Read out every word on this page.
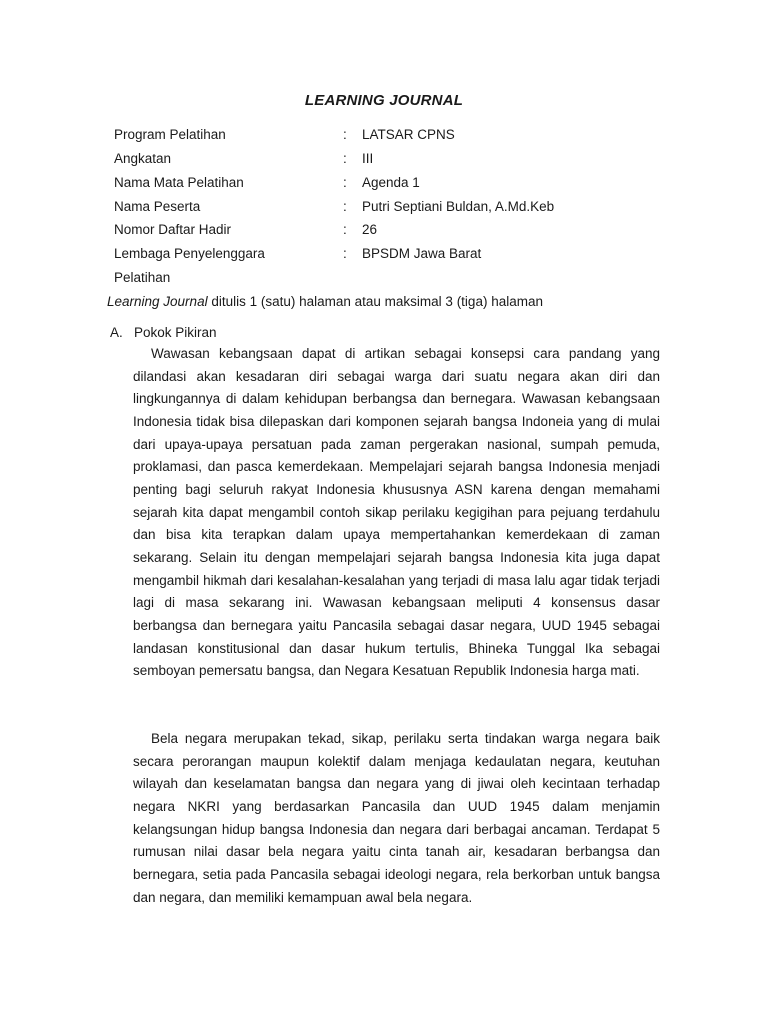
LEARNING JOURNAL
Program Pelatihan	: LATSAR CPNS
Angkatan	: III
Nama Mata Pelatihan	: Agenda 1
Nama Peserta	: Putri Septiani Buldan, A.Md.Keb
Nomor Daftar Hadir	: 26
Lembaga Penyelenggara	: BPSDM Jawa Barat
Pelatihan
Learning Journal ditulis 1 (satu) halaman atau maksimal 3 (tiga) halaman
A. Pokok Pikiran

Wawasan kebangsaan dapat di artikan sebagai konsepsi cara pandang yang dilandasi akan kesadaran diri sebagai warga dari suatu negara akan diri dan lingkungannya di dalam kehidupan berbangsa dan bernegara. Wawasan kebangsaan Indonesia tidak bisa dilepaskan dari komponen sejarah bangsa Indoneia yang di mulai dari upaya-upaya persatuan pada zaman pergerakan nasional, sumpah pemuda, proklamasi, dan pasca kemerdekaan. Mempelajari sejarah bangsa Indonesia menjadi penting bagi seluruh rakyat Indonesia khususnya ASN karena dengan memahami sejarah kita dapat mengambil contoh sikap perilaku kegigihan para pejuang terdahulu dan bisa kita terapkan dalam upaya mempertahankan kemerdekaan di zaman sekarang. Selain itu dengan mempelajari sejarah bangsa Indonesia kita juga dapat mengambil hikmah dari kesalahan-kesalahan yang terjadi di masa lalu agar tidak terjadi lagi di masa sekarang ini. Wawasan kebangsaan meliputi 4 konsensus dasar berbangsa dan bernegara yaitu Pancasila sebagai dasar negara, UUD 1945 sebagai landasan konstitusional dan dasar hukum tertulis, Bhineka Tunggal Ika sebagai semboyan pemersatu bangsa, dan Negara Kesatuan Republik Indonesia harga mati.

Bela negara merupakan tekad, sikap, perilaku serta tindakan warga negara baik secara perorangan maupun kolektif dalam menjaga kedaulatan negara, keutuhan wilayah dan keselamatan bangsa dan negara yang di jiwai oleh kecintaan terhadap negara NKRI yang berdasarkan Pancasila dan UUD 1945 dalam menjamin kelangsungan hidup bangsa Indonesia dan negara dari berbagai ancaman. Terdapat 5 rumusan nilai dasar bela negara yaitu cinta tanah air, kesadaran berbangsa dan bernegara, setia pada Pancasila sebagai ideologi negara, rela berkorban untuk bangsa dan negara, dan memiliki kemampuan awal bela negara.
